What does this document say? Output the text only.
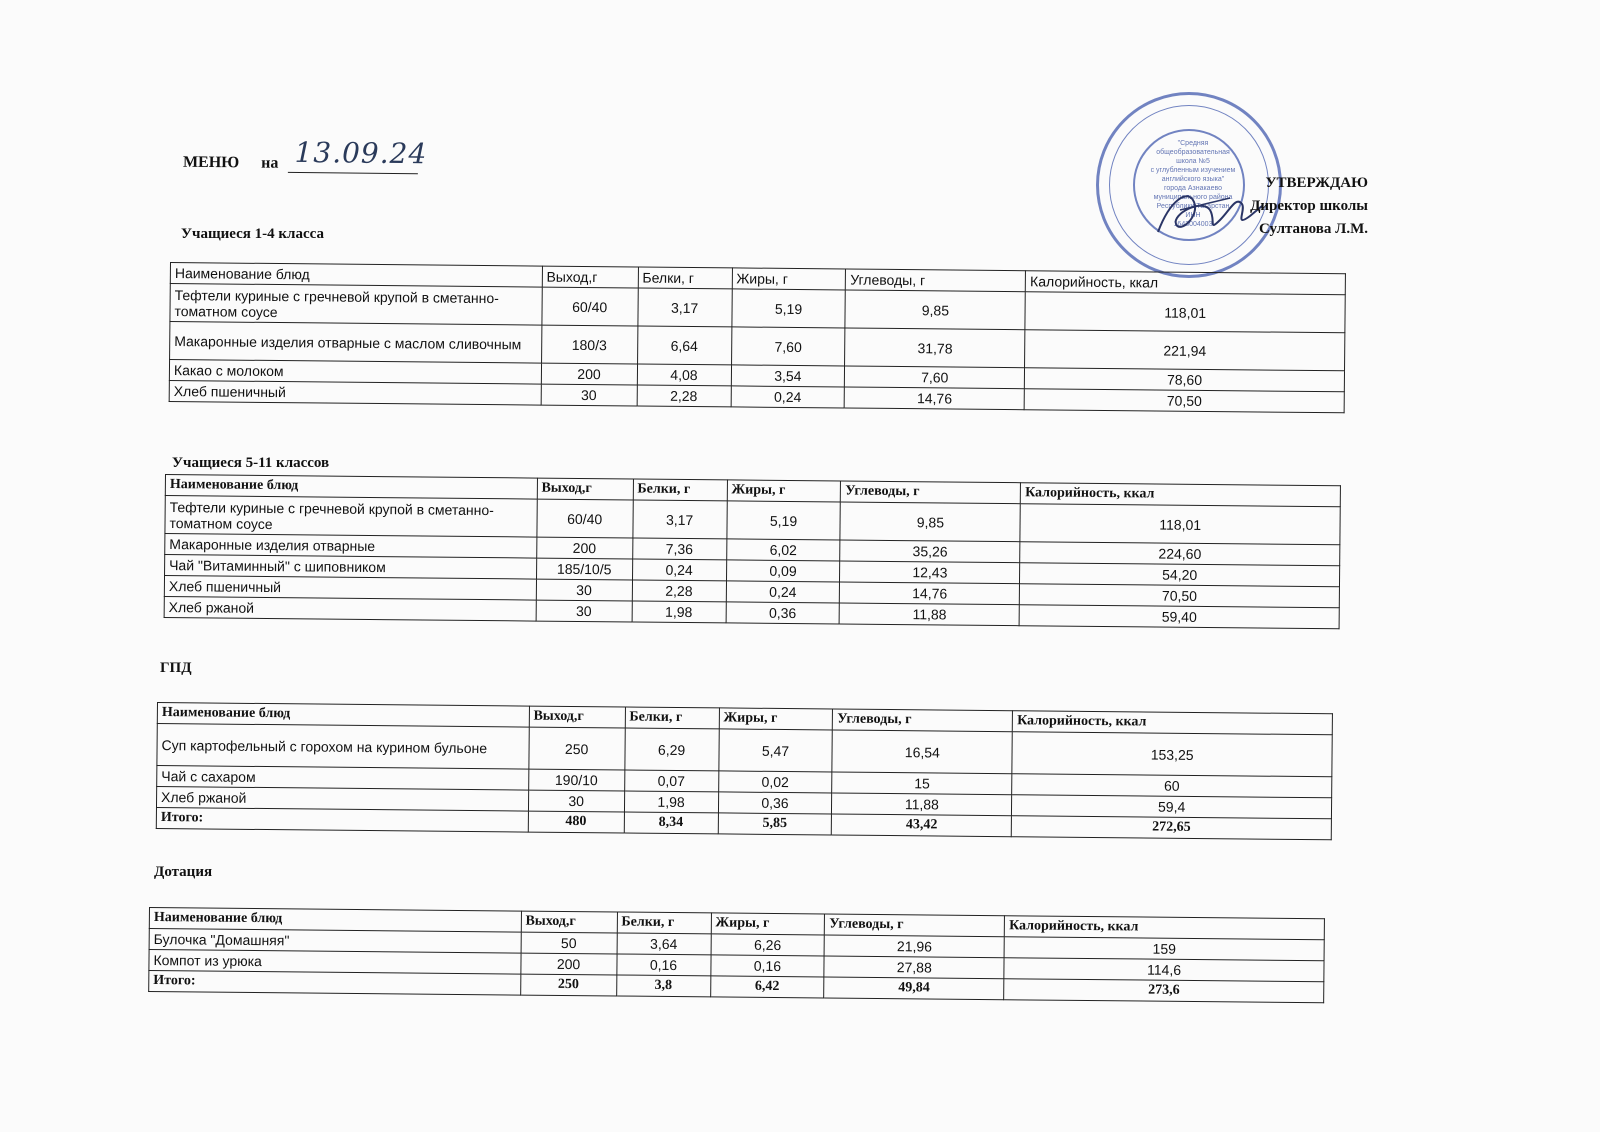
МЕНЮ на 13.09.24	"Средняя
общеобразовательная
школа №5
с углубленным изучением
английского языка"
города Азнакаево
муниципального района
Республики Татарстан
ИНН
1643004003
УТВЕРЖДАЮ
Директор школы
Султанова Л.М.
Учащиеся 1-4 класса
Наименование блюд	Выход,г	Белки, г	Жиры, г	Углеводы, г	Калорийность, ккал
Тефтели куриные с гречневой крупой в сметанно-томатном соусе	60/40	3,17	5,19	9,85	118,01
Макаронные изделия отварные с маслом сливочным	180/3	6,64	7,60	31,78	221,94
Какао с молоком	200	4,08	3,54	7,60	78,60
Хлеб пшеничный	30	2,28	0,24	14,76	70,50
Учащиеся 5-11 классов
Наименование блюд	Выход,г	Белки, г	Жиры, г	Углеводы, г	Калорийность, ккал
Тефтели куриные с гречневой крупой в сметанно-томатном соусе	60/40	3,17	5,19	9,85	118,01
Макаронные изделия отварные	200	7,36	6,02	35,26	224,60
Чай "Витаминный" с шиповником	185/10/5	0,24	0,09	12,43	54,20
Хлеб пшеничный	30	2,28	0,24	14,76	70,50
Хлеб ржаной	30	1,98	0,36	11,88	59,40
ГПД
Наименование блюд	Выход,г	Белки, г	Жиры, г	Углеводы, г	Калорийность, ккал
Суп картофельный с горохом на курином бульоне	250	6,29	5,47	16,54	153,25
Чай с сахаром	190/10	0,07	0,02	15	60
Хлеб ржаной	30	1,98	0,36	11,88	59,4
Итого:	480	8,34	5,85	43,42	272,65
Дотация
Наименование блюд	Выход,г	Белки, г	Жиры, г	Углеводы, г	Калорийность, ккал
Булочка "Домашняя"	50	3,64	6,26	21,96	159
Компот из урюка	200	0,16	0,16	27,88	114,6
Итого:	250	3,8	6,42	49,84	273,6
